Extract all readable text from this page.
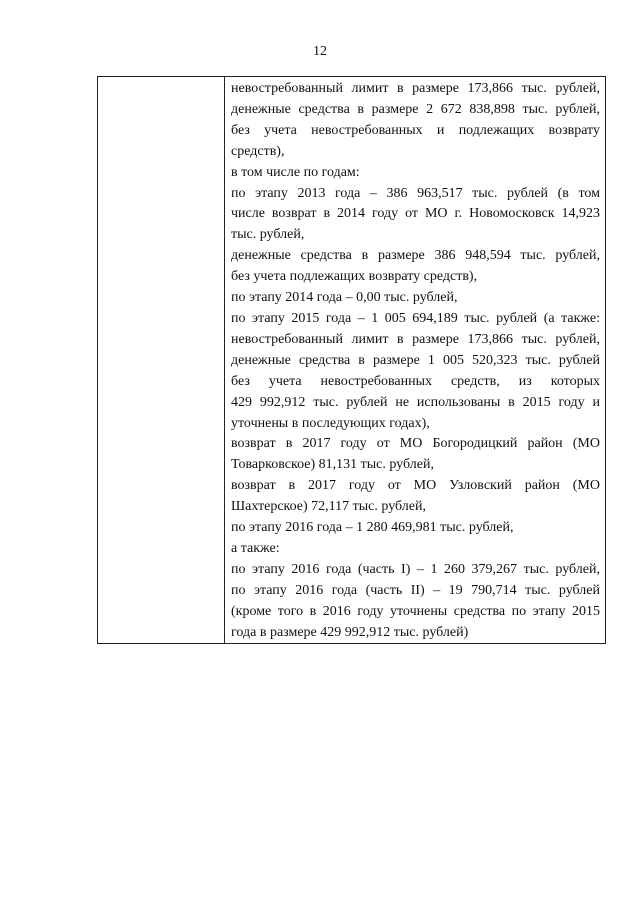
12

невостребованный лимит в размере 173,866 тыс. рублей,
денежные средства в размере 2 672 838,898 тыс. рублей,
без учета невостребованных и подлежащих возврату
средств),
в том числе по годам:
по этапу 2013 года – 386 963,517 тыс. рублей (в том
числе возврат в 2014 году от МО г. Новомосковск 14,923
тыс. рублей,
денежные средства в размере 386 948,594 тыс. рублей,
без учета подлежащих возврату средств),
по этапу 2014 года – 0,00 тыс. рублей,
по этапу 2015 года – 1 005 694,189 тыс. рублей (а также:
невостребованный лимит в размере 173,866 тыс. рублей,
денежные средства в размере 1 005 520,323 тыс. рублей
без учета невостребованных средств, из которых
429 992,912 тыс. рублей не использованы в 2015 году и
уточнены в последующих годах),
возврат в 2017 году от МО Богородицкий район (МО
Товарковское) 81,131 тыс. рублей,
возврат в 2017 году от МО Узловский район (МО
Шахтерское) 72,117 тыс. рублей,
по этапу 2016 года – 1 280 469,981 тыс. рублей,
а также:
по этапу 2016 года (часть I) – 1 260 379,267 тыс. рублей,
по этапу 2016 года (часть II) – 19 790,714 тыс. рублей
(кроме того в 2016 году уточнены средства по этапу 2015
года в размере 429 992,912 тыс. рублей)
